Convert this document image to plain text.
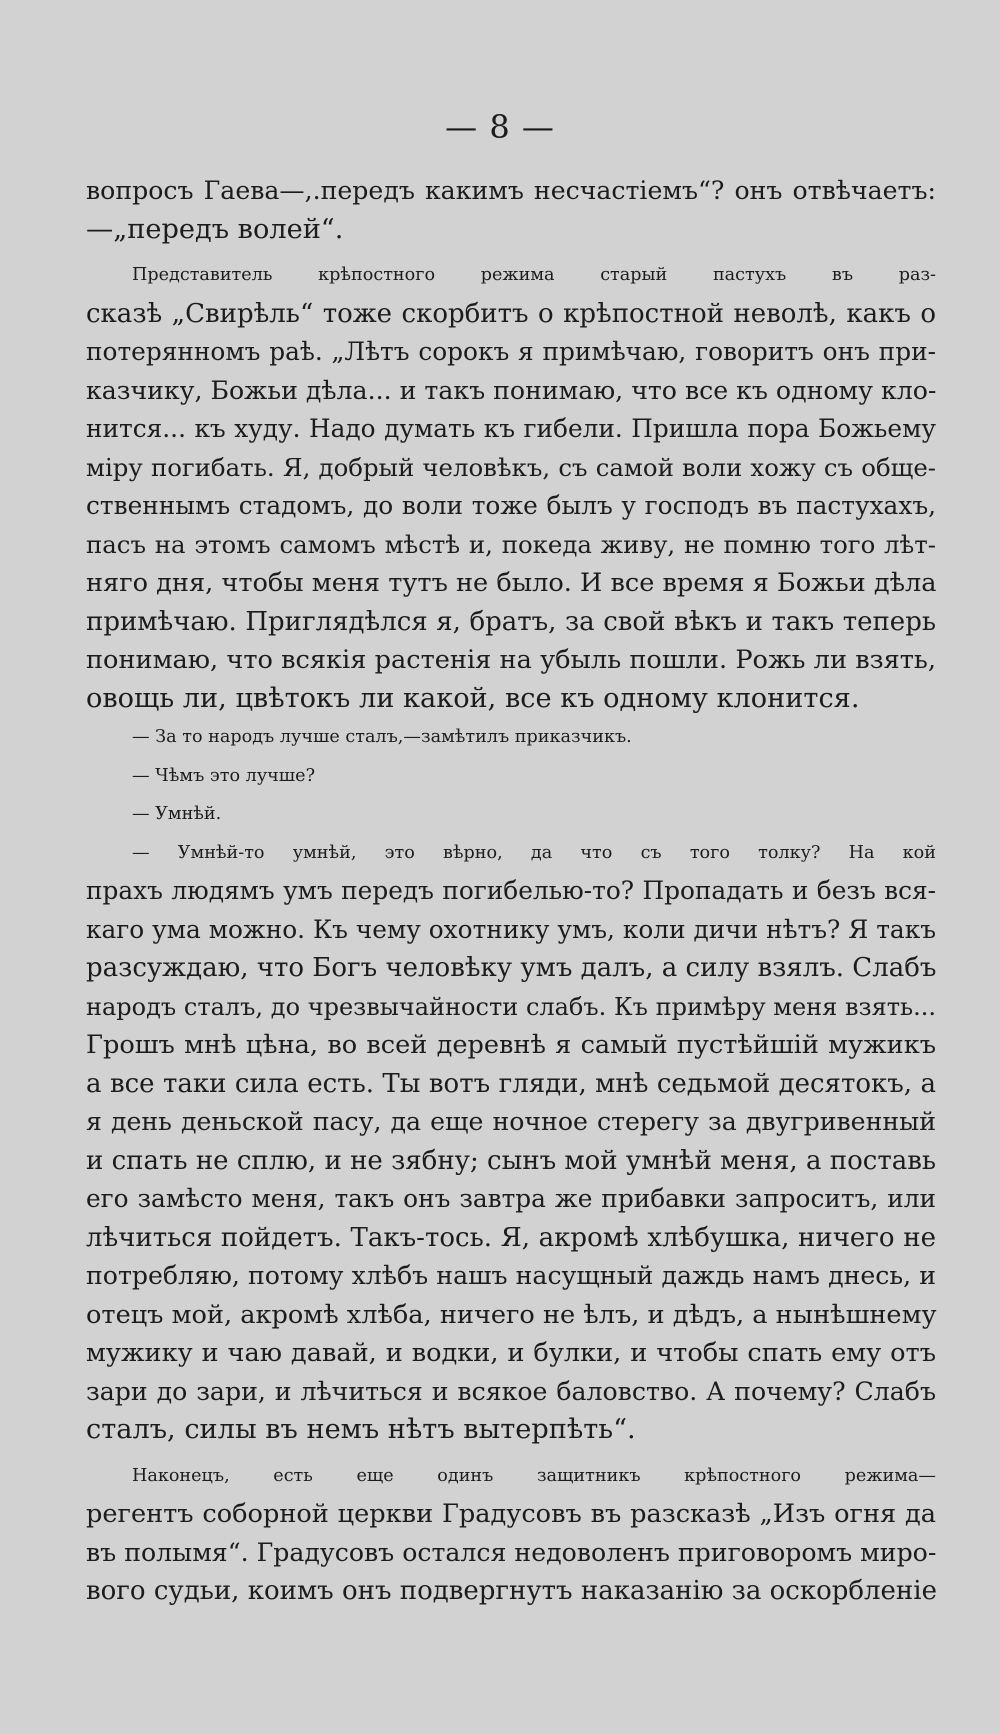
— 8 —
вопросъ Гаева—,.передъ какимъ несчастіемъ“? онъ отвѣчаетъ:
—„передъ волей“.
Представитель крѣпостного режима старый пастухъ въ раз-
сказѣ „Свирѣль“ тоже скорбитъ о крѣпостной неволѣ, какъ о
потерянномъ раѣ. „Лѣтъ сорокъ я примѣчаю, говоритъ онъ при-
казчику, Божьи дѣла... и такъ понимаю, что все къ одному кло-
нится... къ худу. Надо думать къ гибели. Пришла пора Божьему
міру погибать. Я, добрый человѣкъ, съ самой воли хожу съ обще-
ственнымъ стадомъ, до воли тоже былъ у господъ въ пастухахъ,
пасъ на этомъ самомъ мѣстѣ и, покеда живу, не помню того лѣт-
няго дня, чтобы меня тутъ не было. И все время я Божьи дѣла
примѣчаю. Приглядѣлся я, братъ, за свой вѣкъ и такъ теперь
понимаю, что всякія растенія на убыль пошли. Рожь ли взять,
овощь ли, цвѣтокъ ли какой, все къ одному клонится.
— За то народъ лучше сталъ,—замѣтилъ приказчикъ.
— Чѣмъ это лучше?
— Умнѣй.
— Умнѣй-то умнѣй, это вѣрно, да что съ того толку? На кой
прахъ людямъ умъ передъ погибелью-то? Пропадать и безъ вся-
каго ума можно. Къ чему охотнику умъ, коли дичи нѣтъ? Я такъ
разсуждаю, что Богъ человѣку умъ далъ, а силу взялъ. Слабъ
народъ сталъ, до чрезвычайности слабъ. Къ примѣру меня взять...
Грошъ мнѣ цѣна, во всей деревнѣ я самый пустѣйшій мужикъ
а все таки сила есть. Ты вотъ гляди, мнѣ седьмой десятокъ, а
я день деньской пасу, да еще ночное стерегу за двугривенный
и спать не сплю, и не зябну; сынъ мой умнѣй меня, а поставь
его замѣсто меня, такъ онъ завтра же прибавки запроситъ, или
лѣчиться пойдетъ. Такъ-тось. Я, акромѣ хлѣбушка, ничего не
потребляю, потому хлѣбъ нашъ насущный даждь намъ днесь, и
отецъ мой, акромѣ хлѣба, ничего не ѣлъ, и дѣдъ, а нынѣшнему
мужику и чаю давай, и водки, и булки, и чтобы спать ему отъ
зари до зари, и лѣчиться и всякое баловство. А почему? Слабъ
сталъ, силы въ немъ нѣтъ вытерпѣть“.
Наконецъ, есть еще одинъ защитникъ крѣпостного режима—
регентъ соборной церкви Градусовъ въ разсказѣ „Изъ огня да
въ полымя“. Градусовъ остался недоволенъ приговоромъ миро-
вого судьи, коимъ онъ подвергнутъ наказанію за оскорбленіе
